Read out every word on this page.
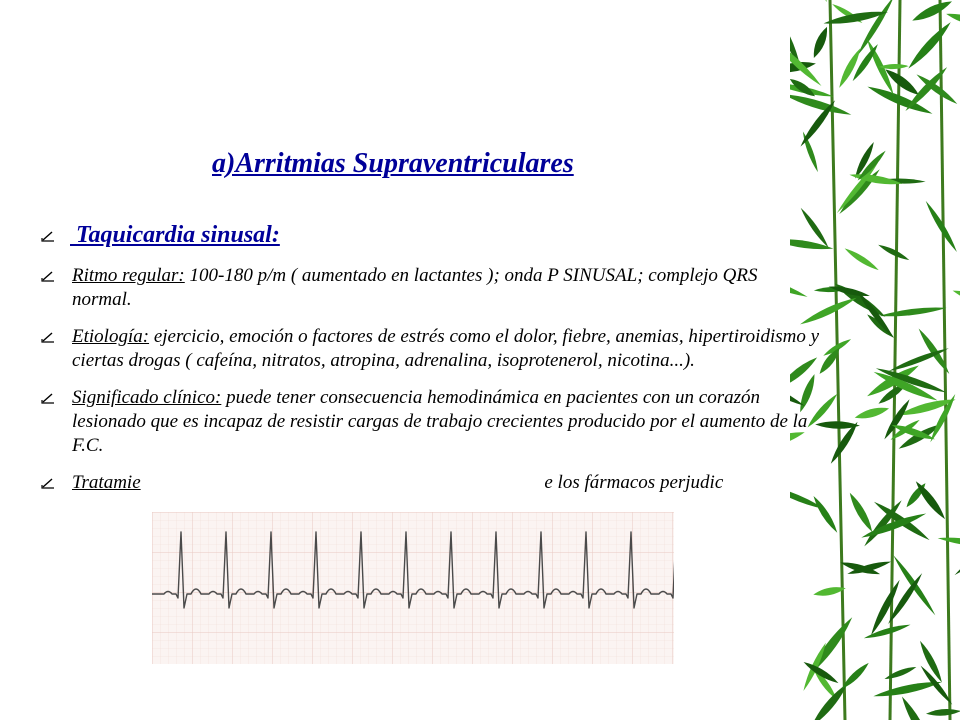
a)Arritmias Supraventriculares
Taquicardia sinusal:
Ritmo regular: 100-180 p/m ( aumentado en lactantes ); onda P SINUSAL; complejo QRS normal.
Etiología: ejercicio, emoción o factores de estrés como el dolor, fiebre, anemias, hipertiroidismo y ciertas drogas ( cafeína, nitratos, atropina, adrenalina, isoprotenerol, nicotina...).
Significado clínico: puede tener consecuencia hemodinámica en pacientes con un corazón lesionado que es incapaz de resistir cargas de trabajo crecientes producido por el aumento de la F.C.
Tratamie                                                                                     e los fármacos perjudic
